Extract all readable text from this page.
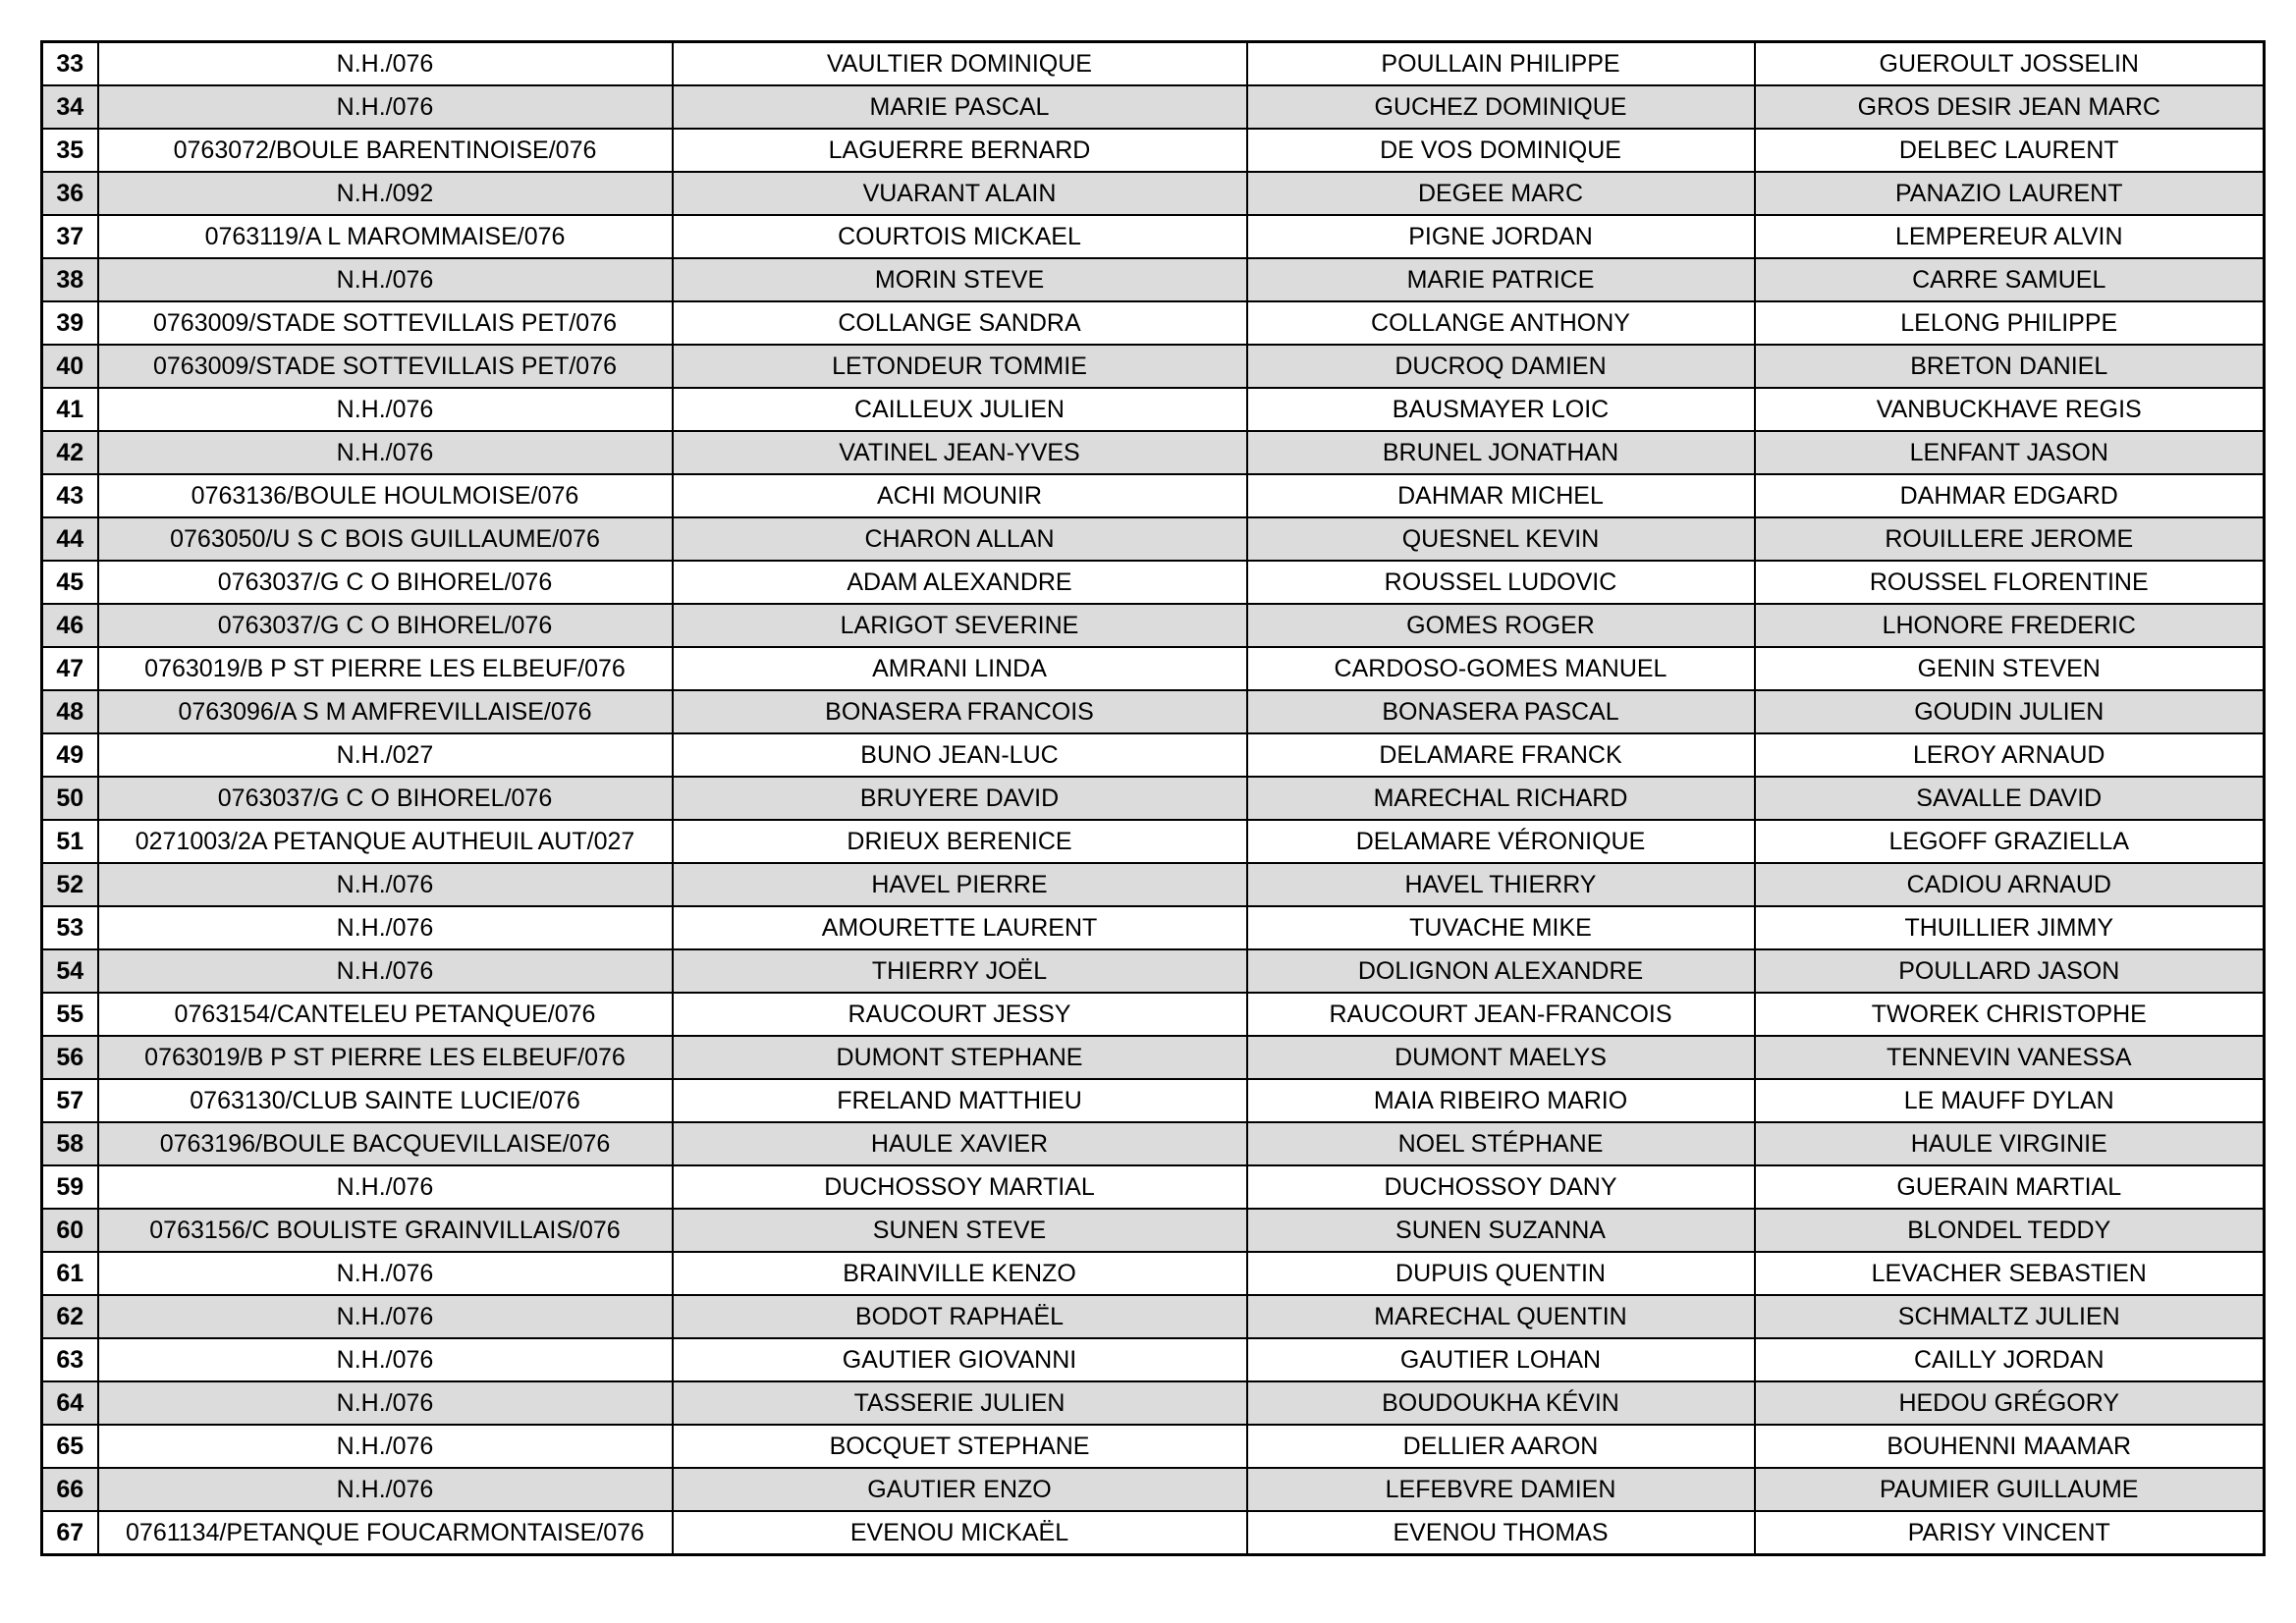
33	N.H./076	VAULTIER DOMINIQUE	POULLAIN PHILIPPE	GUEROULT JOSSELIN
34	N.H./076	MARIE PASCAL	GUCHEZ DOMINIQUE	GROS DESIR JEAN MARC
35	0763072/BOULE BARENTINOISE/076	LAGUERRE BERNARD	DE VOS DOMINIQUE	DELBEC LAURENT
36	N.H./092	VUARANT ALAIN	DEGEE MARC	PANAZIO LAURENT
37	0763119/A L MAROMMAISE/076	COURTOIS MICKAEL	PIGNE JORDAN	LEMPEREUR ALVIN
38	N.H./076	MORIN STEVE	MARIE PATRICE	CARRE SAMUEL
39	0763009/STADE SOTTEVILLAIS PET/076	COLLANGE SANDRA	COLLANGE ANTHONY	LELONG PHILIPPE
40	0763009/STADE SOTTEVILLAIS PET/076	LETONDEUR TOMMIE	DUCROQ DAMIEN	BRETON DANIEL
41	N.H./076	CAILLEUX JULIEN	BAUSMAYER LOIC	VANBUCKHAVE REGIS
42	N.H./076	VATINEL JEAN-YVES	BRUNEL JONATHAN	LENFANT JASON
43	0763136/BOULE HOULMOISE/076	ACHI MOUNIR	DAHMAR MICHEL	DAHMAR EDGARD
44	0763050/U S C BOIS GUILLAUME/076	CHARON ALLAN	QUESNEL KEVIN	ROUILLERE JEROME
45	0763037/G C O BIHOREL/076	ADAM ALEXANDRE	ROUSSEL LUDOVIC	ROUSSEL FLORENTINE
46	0763037/G C O BIHOREL/076	LARIGOT SEVERINE	GOMES ROGER	LHONORE FREDERIC
47	0763019/B P ST PIERRE LES ELBEUF/076	AMRANI LINDA	CARDOSO-GOMES MANUEL	GENIN STEVEN
48	0763096/A S M AMFREVILLAISE/076	BONASERA FRANCOIS	BONASERA PASCAL	GOUDIN JULIEN
49	N.H./027	BUNO JEAN-LUC	DELAMARE FRANCK	LEROY ARNAUD
50	0763037/G C O BIHOREL/076	BRUYERE DAVID	MARECHAL RICHARD	SAVALLE DAVID
51	0271003/2A PETANQUE AUTHEUIL AUT/027	DRIEUX BERENICE	DELAMARE VÉRONIQUE	LEGOFF GRAZIELLA
52	N.H./076	HAVEL PIERRE	HAVEL THIERRY	CADIOU ARNAUD
53	N.H./076	AMOURETTE LAURENT	TUVACHE MIKE	THUILLIER JIMMY
54	N.H./076	THIERRY JOËL	DOLIGNON ALEXANDRE	POULLARD JASON
55	0763154/CANTELEU PETANQUE/076	RAUCOURT JESSY	RAUCOURT JEAN-FRANCOIS	TWOREK CHRISTOPHE
56	0763019/B P ST PIERRE LES ELBEUF/076	DUMONT STEPHANE	DUMONT MAELYS	TENNEVIN VANESSA
57	0763130/CLUB SAINTE LUCIE/076	FRELAND MATTHIEU	MAIA RIBEIRO MARIO	LE MAUFF DYLAN
58	0763196/BOULE BACQUEVILLAISE/076	HAULE XAVIER	NOEL STÉPHANE	HAULE VIRGINIE
59	N.H./076	DUCHOSSOY MARTIAL	DUCHOSSOY DANY	GUERAIN MARTIAL
60	0763156/C BOULISTE GRAINVILLAIS/076	SUNEN STEVE	SUNEN SUZANNA	BLONDEL TEDDY
61	N.H./076	BRAINVILLE KENZO	DUPUIS QUENTIN	LEVACHER SEBASTIEN
62	N.H./076	BODOT RAPHAËL	MARECHAL QUENTIN	SCHMALTZ JULIEN
63	N.H./076	GAUTIER GIOVANNI	GAUTIER LOHAN	CAILLY JORDAN
64	N.H./076	TASSERIE JULIEN	BOUDOUKHA KÉVIN	HEDOU GRÉGORY
65	N.H./076	BOCQUET STEPHANE	DELLIER AARON	BOUHENNI MAAMAR
66	N.H./076	GAUTIER ENZO	LEFEBVRE DAMIEN	PAUMIER GUILLAUME
67	0761134/PETANQUE FOUCARMONTAISE/076	EVENOU MICKAËL	EVENOU THOMAS	PARISY VINCENT
